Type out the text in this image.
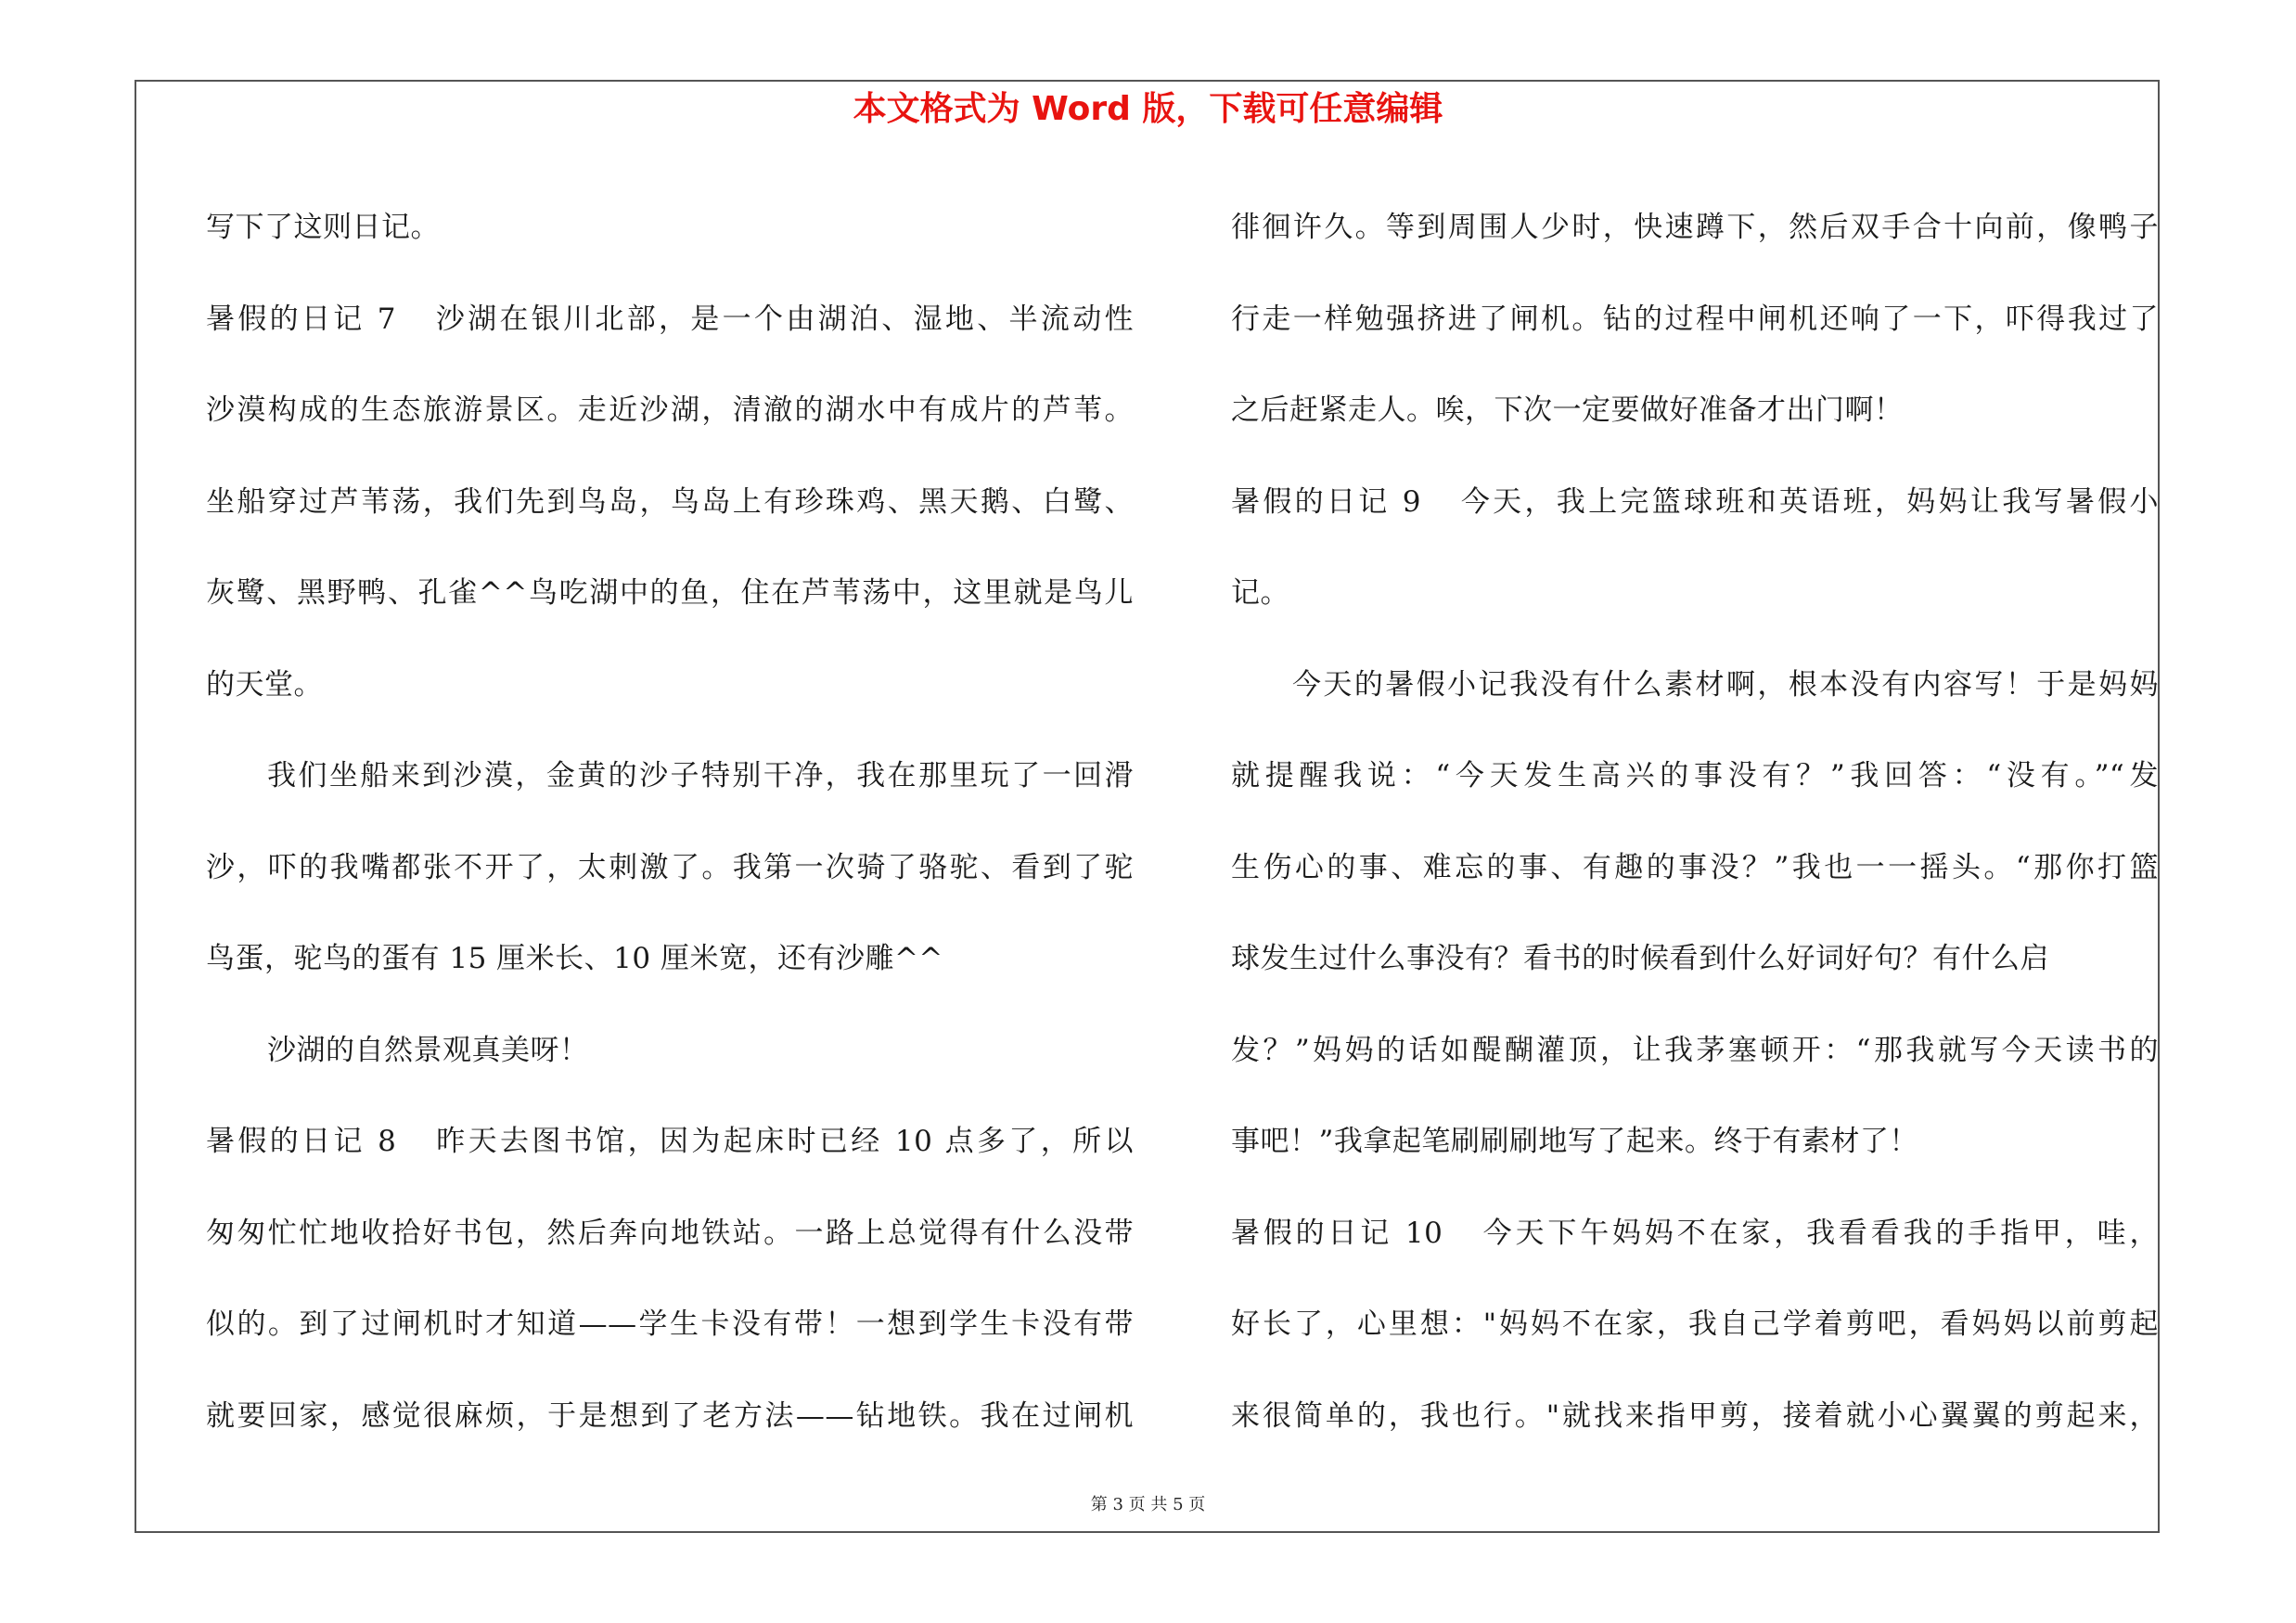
本文格式为 Word 版，下载可任意编辑
写下了这则日记。
暑假的日记 7 沙湖在银川北部，是一个由湖泊、湿地、半流动性
沙漠构成的生态旅游景区。走近沙湖，清澈的湖水中有成片的芦苇。
坐船穿过芦苇荡，我们先到鸟岛，鸟岛上有珍珠鸡、黑天鹅、白鹭、
灰鹭、黑野鸭、孔雀^^鸟吃湖中的鱼，住在芦苇荡中，这里就是鸟儿
的天堂。
我们坐船来到沙漠，金黄的沙子特别干净，我在那里玩了一回滑
沙，吓的我嘴都张不开了，太刺激了。我第一次骑了骆驼、看到了驼
鸟蛋，驼鸟的蛋有 15 厘米长、10 厘米宽，还有沙雕^^
沙湖的自然景观真美呀！
暑假的日记 8 昨天去图书馆，因为起床时已经 10 点多了，所以
匆匆忙忙地收拾好书包，然后奔向地铁站。一路上总觉得有什么没带
似的。到了过闸机时才知道——学生卡没有带！一想到学生卡没有带
就要回家，感觉很麻烦，于是想到了老方法——钻地铁。我在过闸机
徘徊许久。等到周围人少时，快速蹲下，然后双手合十向前，像鸭子
行走一样勉强挤进了闸机。钻的过程中闸机还响了一下，吓得我过了
之后赶紧走人。唉，下次一定要做好准备才出门啊！
暑假的日记 9 今天，我上完篮球班和英语班，妈妈让我写暑假小
记。
今天的暑假小记我没有什么素材啊，根本没有内容写！于是妈妈
就提醒我说：“今天发生高兴的事没有？”我回答：“没有。”“发
生伤心的事、难忘的事、有趣的事没？”我也一一摇头。“那你打篮
球发生过什么事没有？看书的时候看到什么好词好句？有什么启
发？”妈妈的话如醍醐灌顶，让我茅塞顿开：“那我就写今天读书的
事吧！”我拿起笔刷刷刷地写了起来。终于有素材了！
暑假的日记 10 今天下午妈妈不在家，我看看我的手指甲，哇，
好长了，心里想："妈妈不在家，我自己学着剪吧，看妈妈以前剪起
来很简单的，我也行。"就找来指甲剪，接着就小心翼翼的剪起来，
第 3 页 共 5 页
